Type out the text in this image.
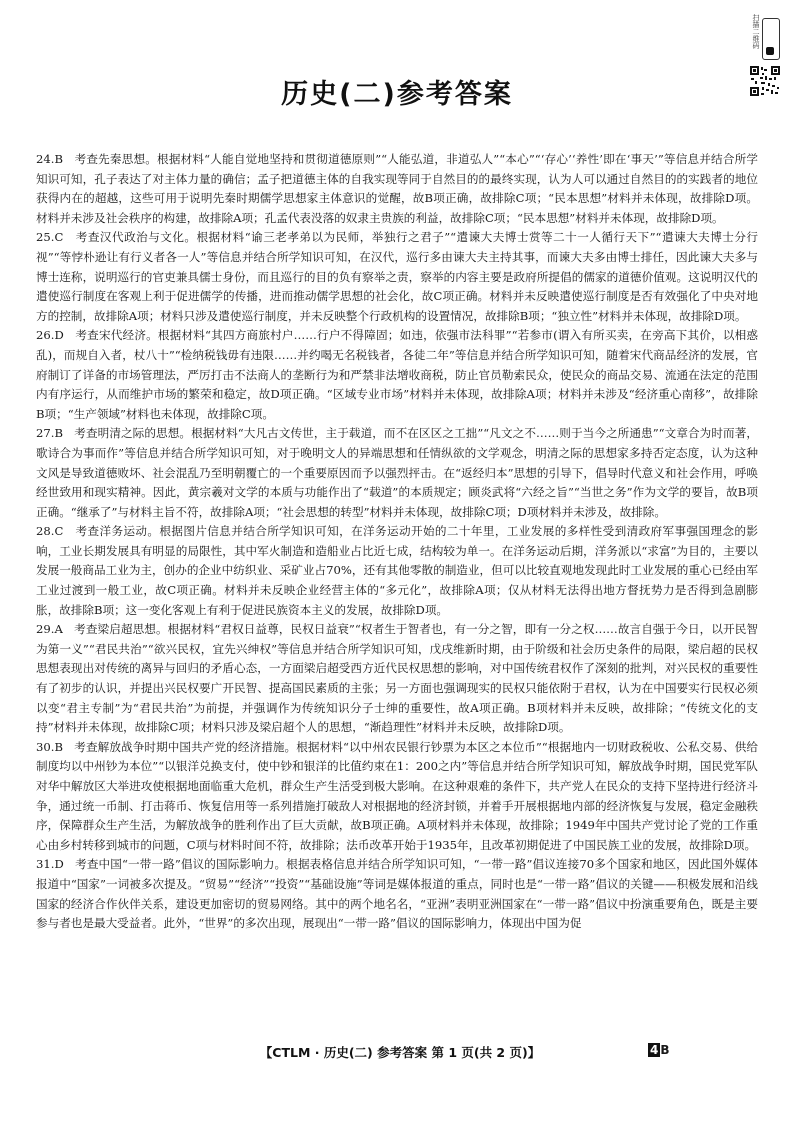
扫描二维码
历史(二)参考答案
24.B 考查先秦思想。根据材料“人能自觉地坚持和贯彻道德原则”“人能弘道，非道弘人”“本心”“‘存心’‘养性’即在‘事天’”等信息并结合所学知识可知，孔子表达了对主体力量的确信；孟子把道德主体的自我实现等同于自然目的的最终实现，认为人可以通过自然目的的实践者的地位获得内在的超越，这些可用于说明先秦时期儒学思想家主体意识的觉醒，故B项正确，故排除C项；“民本思想”材料并未体现，故排除D项。材料并未涉及社会秩序的构建，故排除A项；孔孟代表没落的奴隶主贵族的利益，故排除C项；“民本思想”材料并未体现，故排除D项。
25.C 考查汉代政治与文化。根据材料“谕三老孝弟以为民师，举独行之君子”“遣谏大夫博士赏等二十一人循行天下”“遣谏大夫博士分行视”“等悖朴逊让有行义者各一人”等信息并结合所学知识可知，在汉代，巡行多由谏大夫主持其事，而谏大夫多由博士排任，因此谏大夫多与博士连称，说明巡行的官吏兼具儒士身份，而且巡行的目的负有察举之责，察举的内容主要是政府所提倡的儒家的道德价值观。这说明汉代的遣使巡行制度在客观上利于促进儒学的传播，进而推动儒学思想的社会化，故C项正确。材料并未反映遣使巡行制度是否有效强化了中央对地方的控制，故排除A项；材料只涉及遣使巡行制度，并未反映整个行政机构的设置情况，故排除B项；“独立性”材料并未体现，故排除D项。
26.D 考查宋代经济。根据材料“其四方商旅村户……行户不得障固；如违，依强市法科罪”“若参市(谓入有所买卖，在旁高下其价，以相惑乱)，而规自入者，杖八十”“检纳税钱毋有违限……并约喝无名税钱者，各徒二年”等信息并结合所学知识可知，随着宋代商品经济的发展，官府制订了详备的市场管理法，严厉打击不法商人的垄断行为和严禁非法增收商税，防止官员勒索民众，使民众的商品交易、流通在法定的范围内有序运行，从而维护市场的繁荣和稳定，故D项正确。“区域专业市场”材料并未体现，故排除A项；材料并未涉及“经济重心南移”，故排除B项；“生产领域”材料也未体现，故排除C项。
27.B 考查明清之际的思想。根据材料“大凡古文传世，主于载道，而不在区区之工拙”“凡文之不……则于当今之所通患”“文章合为时而著，歌诗合为事而作”等信息并结合所学知识可知，对于晚明文人的异端思想和任情纵欲的文学观念，明清之际的思想家多持否定态度，认为这种文风是导致道德败坏、社会混乱乃至明朝覆亡的一个重要原因而予以强烈抨击。在“返经归本”思想的引导下，倡导时代意义和社会作用，呼唤经世致用和现实精神。因此，黄宗羲对文学的本质与功能作出了“载道”的本质规定；顾炎武将“六经之旨”“当世之务”作为文学的要旨，故B项正确。“继承了”与材料主旨不符，故排除A项；“社会思想的转型”材料并未体现，故排除C项；D项材料并未涉及，故排除。
28.C 考查洋务运动。根据图片信息并结合所学知识可知，在洋务运动开始的二十年里，工业发展的多样性受到清政府军事强国理念的影响，工业长期发展具有明显的局限性，其中军火制造和造船业占比近七成，结构较为单一。在洋务运动后期，洋务派以“求富”为目的，主要以发展一般商品工业为主，创办的企业中纺织业、采矿业占70%，还有其他零散的制造业，但可以比较直观地发现此时工业发展的重心已经由军工业过渡到一般工业，故C项正确。材料并未反映企业经营主体的“多元化”，故排除A项；仅从材料无法得出地方督抚势力是否得到急剧膨胀，故排除B项；这一变化客观上有利于促进民族资本主义的发展，故排除D项。
29.A 考查梁启超思想。根据材料“君权日益尊，民权日益衰”“权者生于智者也，有一分之智，即有一分之权……故言自强于今日，以开民智为第一义”“君民共治”“欲兴民权，宜先兴绅权”等信息并结合所学知识可知，戊戌维新时期，由于阶级和社会历史条件的局限，梁启超的民权思想表现出对传统的离异与回归的矛盾心态，一方面梁启超受西方近代民权思想的影响，对中国传统君权作了深刻的批判，对兴民权的重要性有了初步的认识，并提出兴民权要广开民智、提高国民素质的主张；另一方面也强调现实的民权只能依附于君权，认为在中国要实行民权必须以变“君主专制”为“君民共治”为前提，并强调作为传统知识分子士绅的重要性，故A项正确。B项材料并未反映，故排除；“传统文化的支持”材料并未体现，故排除C项；材料只涉及梁启超个人的思想，“渐趋理性”材料并未反映，故排除D项。
30.B 考查解放战争时期中国共产党的经济措施。根据材料“以中州农民银行钞票为本区之本位币”“根据地内一切财政税收、公私交易、供给制度均以中州钞为本位”“以银洋兑换支付，使中钞和银洋的比值约束在1：200之内”等信息并结合所学知识可知，解放战争时期，国民党军队对华中解放区大举进攻使根据地面临重大危机，群众生产生活受到极大影响。在这种艰难的条件下，共产党人在民众的支持下坚持进行经济斗争，通过统一币制、打击蒋币、恢复信用等一系列措施打破敌人对根据地的经济封锁，并着手开展根据地内部的经济恢复与发展，稳定金融秩序，保障群众生产生活，为解放战争的胜利作出了巨大贡献，故B项正确。A项材料并未体现，故排除；1949年中国共产党讨论了党的工作重心由乡村转移到城市的问题，C项与材料时间不符，故排除；法币改革开始于1935年，且改革初期促进了中国民族工业的发展，故排除D项。
31.D 考查中国“一带一路”倡议的国际影响力。根据表格信息并结合所学知识可知，“一带一路”倡议连接70多个国家和地区，因此国外媒体报道中“国家”一词被多次提及。“贸易”“经济”“投资”“基础设施”等词是媒体报道的重点，同时也是“一带一路”倡议的关键——积极发展和沿线国家的经济合作伙伴关系，建设更加密切的贸易网络。其中的两个地名名，“亚洲”表明亚洲国家在“一带一路”倡议中扮演重要角色，既是主要参与者也是最大受益者。此外，“世界”的多次出现，展现出“一带一路”倡议的国际影响力，体现出中国为促
【CTLM · 历史(二) 参考答案 第 1 页(共 2 页)】	4 B
